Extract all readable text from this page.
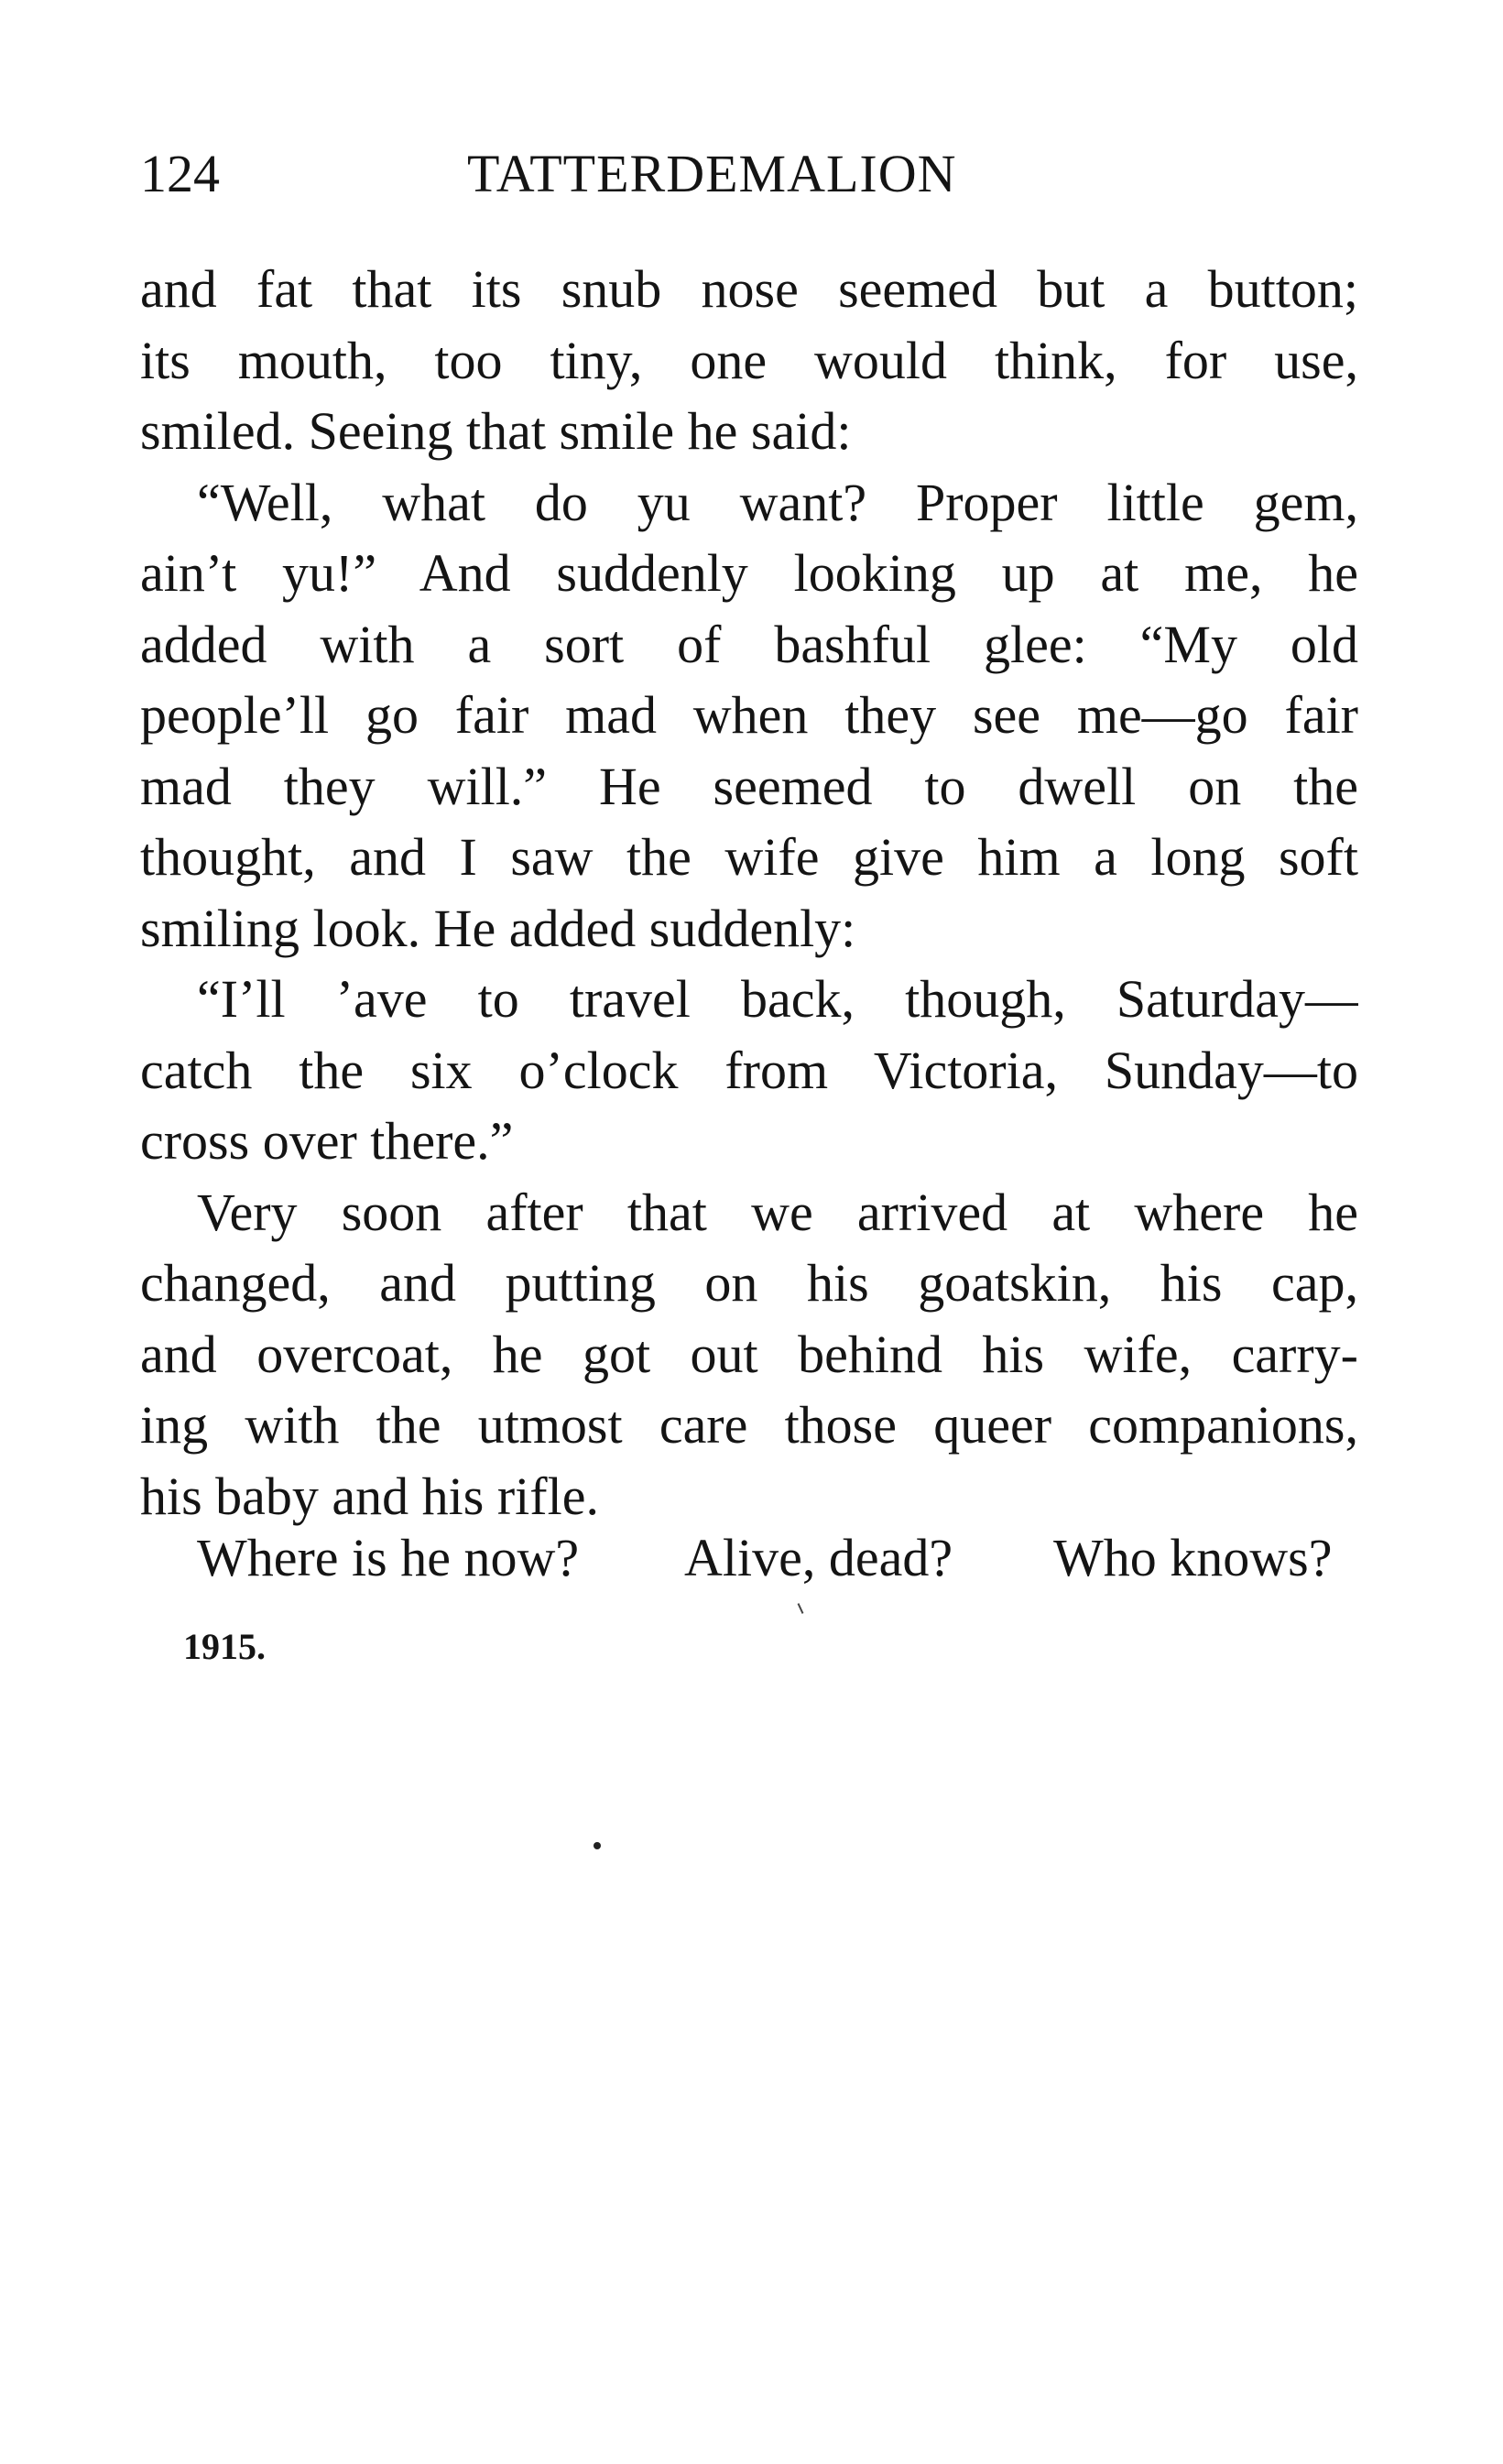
124	TATTERDEMALION
and fat that its snub nose seemed but a button;
its mouth, too tiny, one would think, for use,
smiled. Seeing that smile he said:
“Well, what do yu want? Proper little gem,
ain’t yu!” And suddenly looking up at me, he
added with a sort of bashful glee: “My old
people’ll go fair mad when they see me—go fair
mad they will.” He seemed to dwell on the
thought, and I saw the wife give him a long soft
smiling look. He added suddenly:
“I’ll ’ave to travel back, though, Saturday—
catch the six o’clock from Victoria, Sunday—to
cross over there.”
Very soon after that we arrived at where he
changed, and putting on his goatskin, his cap,
and overcoat, he got out behind his wife, carry-
ing with the utmost care those queer companions,
his baby and his rifle.
Where is he now? Alive, dead? Who knows?
1915.
